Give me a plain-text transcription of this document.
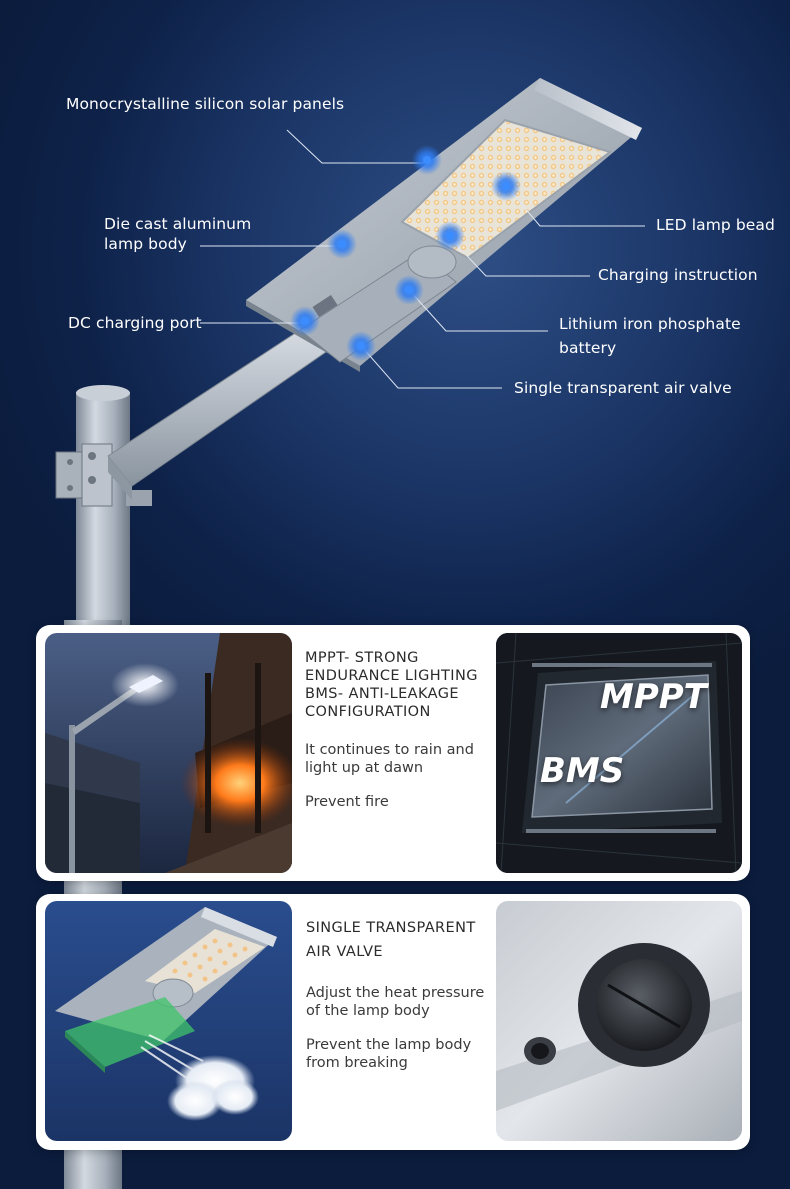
Monocrystalline silicon solar panels
Die cast aluminum
lamp body
DC charging port
LED lamp bead
Charging instruction
Lithium iron phosphate
battery
Single transparent air valve
MPPT- STRONG
ENDURANCE LIGHTING
BMS- ANTI-LEAKAGE
CONFIGURATION
It continues to rain and
light up at dawn
Prevent fire
MPPT
BMS
SINGLE TRANSPARENT
AIR VALVE
Adjust the heat pressure
of the lamp body
Prevent the lamp body
from breaking
